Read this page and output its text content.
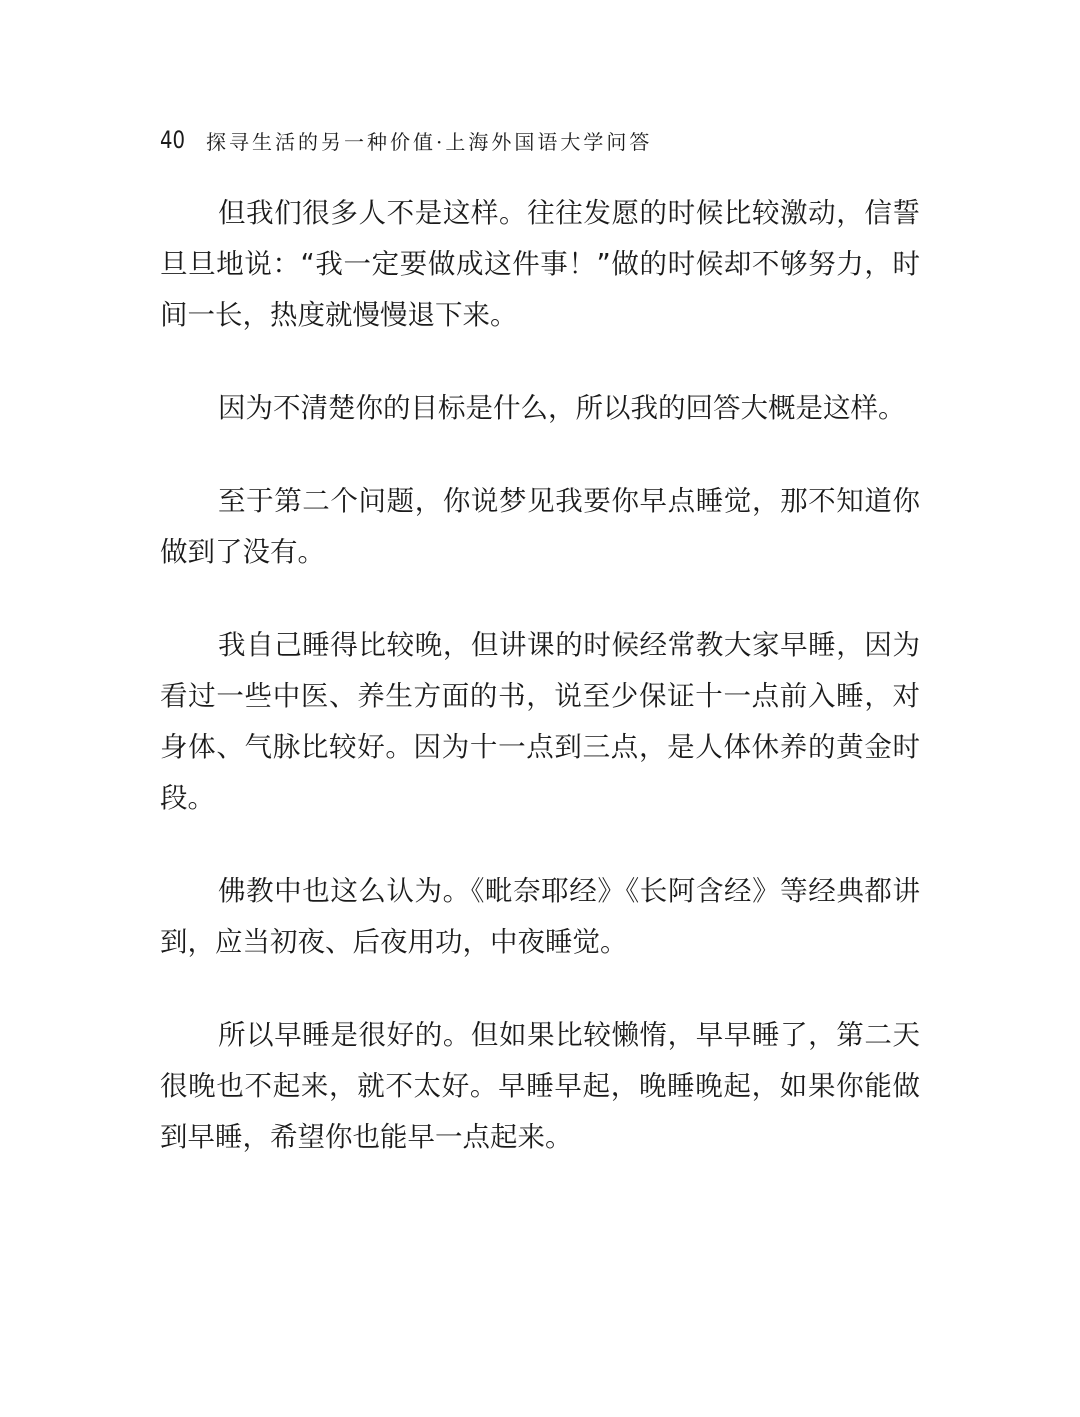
40 探寻生活的另一种价值·上海外国语大学问答

但我们很多人不是这样。往往发愿的时候比较激动，信誓旦旦地说：“我一定要做成这件事！”做的时候却不够努力，时间一长，热度就慢慢退下来。

因为不清楚你的目标是什么，所以我的回答大概是这样。

至于第二个问题，你说梦见我要你早点睡觉，那不知道你做到了没有。

我自己睡得比较晚，但讲课的时候经常教大家早睡，因为看过一些中医、养生方面的书，说至少保证十一点前入睡，对身体、气脉比较好。因为十一点到三点，是人体休养的黄金时段。

佛教中也这么认为。《毗奈耶经》《长阿含经》等经典都讲到，应当初夜、后夜用功，中夜睡觉。

所以早睡是很好的。但如果比较懒惰，早早睡了，第二天很晚也不起来，就不太好。早睡早起，晚睡晚起，如果你能做到早睡，希望你也能早一点起来。
